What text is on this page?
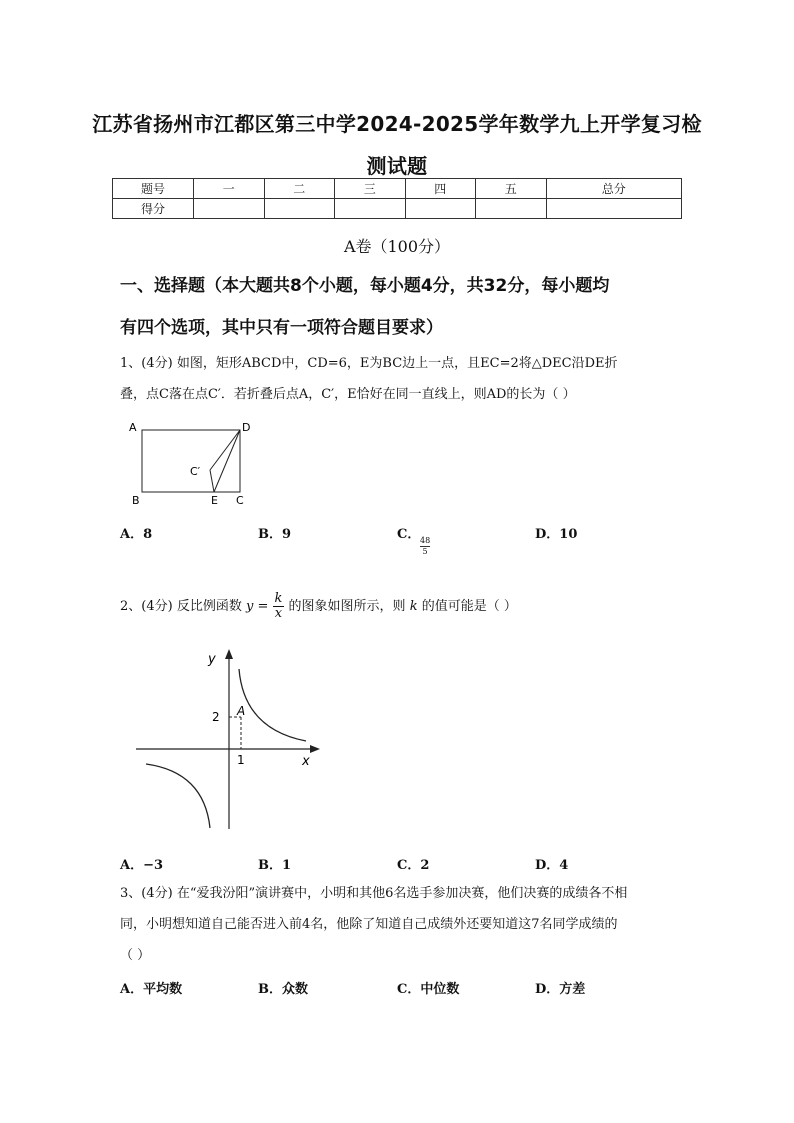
江苏省扬州市江都区第三中学2024-2025学年数学九上开学复习检
测试题
题号	一	二	三	四	五	总分
得分						
A卷（100分）
一、选择题（本大题共8个小题，每小题4分，共32分，每小题均
有四个选项，其中只有一项符合题目要求）
1、(4分) 如图，矩形ABCD中，CD=6，E为BC边上一点，且EC=2将△DEC沿DE折
叠，点C落在点C′．若折叠后点A，C′，E恰好在同一直线上，则AD的长为（ ）
A	D
B	C
E
C′
A．8	B．9	C．
$\frac{48}{5}$
D．10
2、(4分) 反比例函数 $y = \frac{k}{x}$ 的图象如图所示，则 k 的值可能是（ ）
y
x
2
1
A
A．−3	B．1	C．2	D．4
3、(4分) 在“爱我汾阳”演讲赛中，小明和其他6名选手参加决赛，他们决赛的成绩各不相
同，小明想知道自己能否进入前4名，他除了知道自己成绩外还要知道这7名同学成绩的
（ ）
A．平均数	B．众数	C．中位数	D．方差
